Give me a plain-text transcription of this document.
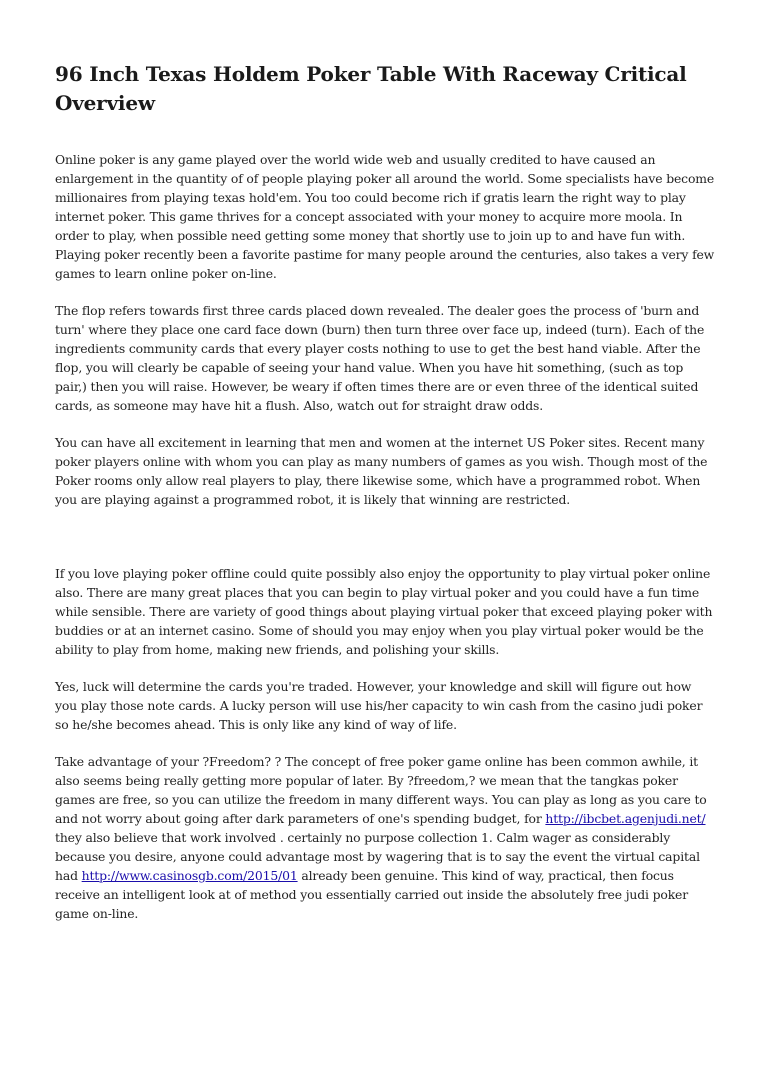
96 Inch Texas Holdem Poker Table With Raceway Critical Overview

Online poker is any game played over the world wide web and usually credited to have caused an enlargement in the quantity of of people playing poker all around the world. Some specialists have become millionaires from playing texas hold'em. You too could become rich if gratis learn the right way to play internet poker. This game thrives for a concept associated with your money to acquire more moola. In order to play, when possible need getting some money that shortly use to join up to and have fun with. Playing poker recently been a favorite pastime for many people around the centuries, also takes a very few games to learn online poker on-line.

The flop refers towards first three cards placed down revealed. The dealer goes the process of 'burn and turn' where they place one card face down (burn) then turn three over face up, indeed (turn). Each of the ingredients community cards that every player costs nothing to use to get the best hand viable. After the flop, you will clearly be capable of seeing your hand value. When you have hit something, (such as top pair,) then you will raise. However, be weary if often times there are or even three of the identical suited cards, as someone may have hit a flush. Also, watch out for straight draw odds.

You can have all excitement in learning that men and women at the internet US Poker sites. Recent many poker players online with whom you can play as many numbers of games as you wish. Though most of the Poker rooms only allow real players to play, there likewise some, which have a programmed robot. When you are playing against a programmed robot, it is likely that winning are restricted.

If you love playing poker offline could quite possibly also enjoy the opportunity to play virtual poker online also. There are many great places that you can begin to play virtual poker and you could have a fun time while sensible. There are variety of good things about playing virtual poker that exceed playing poker with buddies or at an internet casino. Some of should you may enjoy when you play virtual poker would be the ability to play from home, making new friends, and polishing your skills.

Yes, luck will determine the cards you're traded. However, your knowledge and skill will figure out how you play those note cards. A lucky person will use his/her capacity to win cash from the casino judi poker so he/she becomes ahead. This is only like any kind of way of life.

Take advantage of your ?Freedom? ? The concept of free poker game online has been common awhile, it also seems being really getting more popular of later. By ?freedom,? we mean that the tangkas poker games are free, so you can utilize the freedom in many different ways. You can play as long as you care to and not worry about going after dark parameters of one's spending budget, for http://ibcbet.agenjudi.net/ they also believe that work involved . certainly no purpose collection 1. Calm wager as considerably because you desire, anyone could advantage most by wagering that is to say the event the virtual capital had http://www.casinosgb.com/2015/01 already been genuine. This kind of way, practical, then focus receive an intelligent look at of method you essentially carried out inside the absolutely free judi poker game on-line.
